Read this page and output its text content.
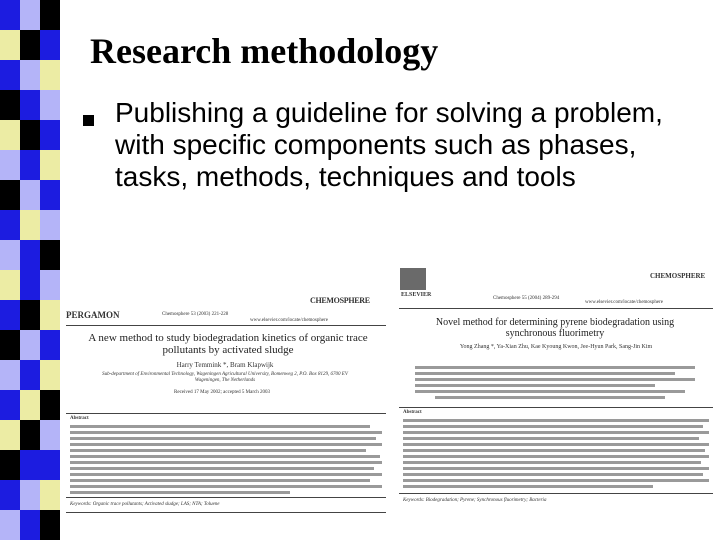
Research methodology
Publishing a guideline for solving a problem, with specific components such as phases, tasks, methods, techniques and tools
PERGAMON	Chemosphere 53 (2003) 221-228
CHEMOSPHERE
www.elsevier.com/locate/chemosphere
A new method to study biodegradation kinetics of organic trace pollutants by activated sludge
Harry Temmink *, Bram Klapwijk
Sub-department of Environmental Technology, Wageningen Agricultural University, Bomenweg 2, P.O. Box 8129, 6700 EV Wageningen, The Netherlands
Received 17 May 2002; accepted 5 March 2003
Abstract
Keywords: Organic trace pollutants; Activated sludge; LAS; NTA; Toluene
ELSEVIER
Chemosphere 55 (2004) 289-294
CHEMOSPHERE
www.elsevier.com/locate/chemosphere
Novel method for determining pyrene biodegradation using synchronous fluorimetry
Yong Zhang *, Ya-Xian Zhu, Kae Kyoung Kwon, Jee-Hyun Park, Sang-Jin Kim
Abstract
Keywords: Biodegradation; Pyrene; Synchronous fluorimetry; Bacteria
